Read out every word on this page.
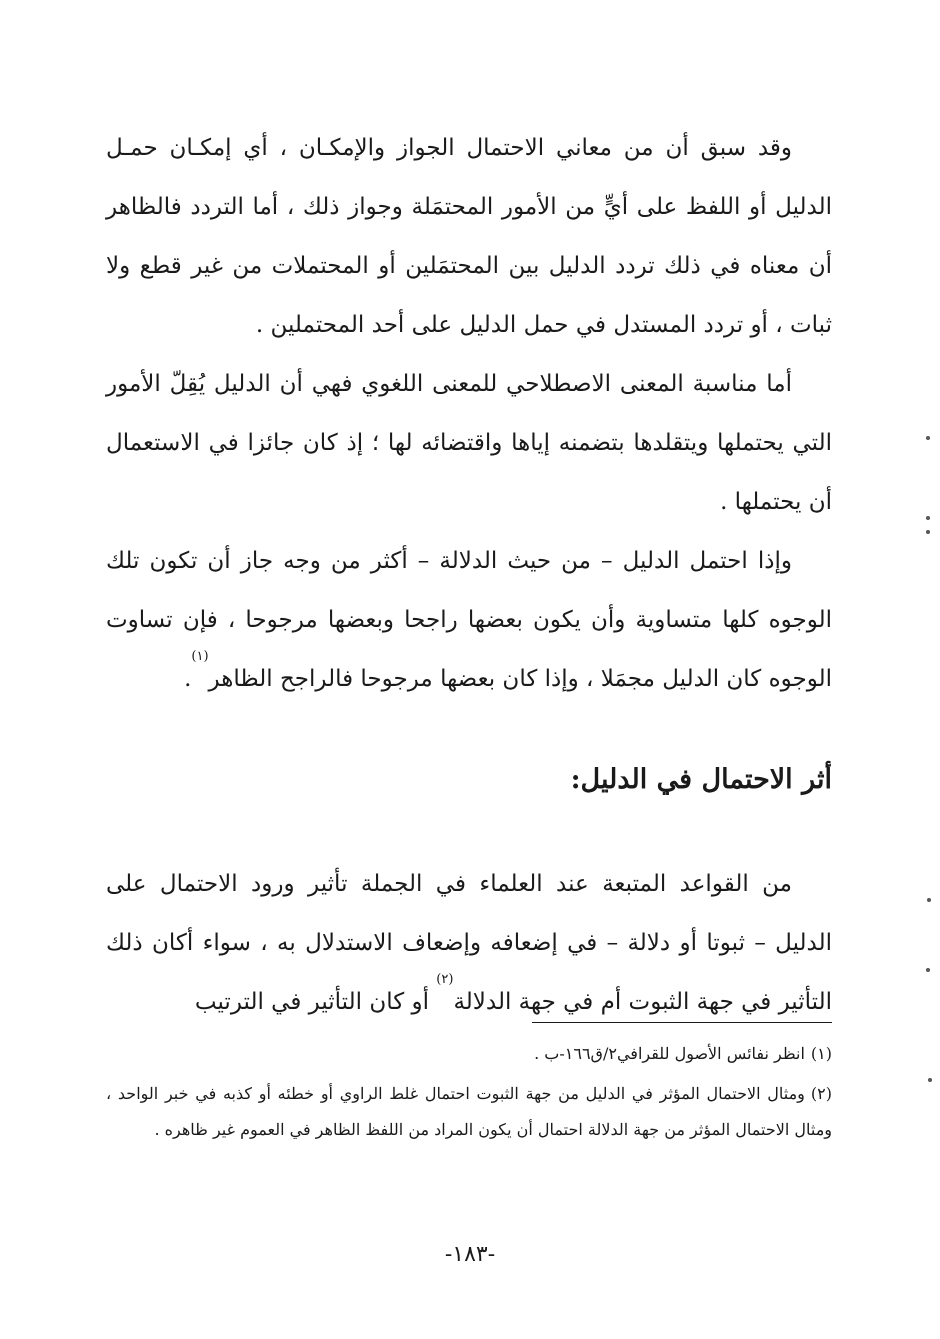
وقد سبق أن من معاني الاحتمال الجواز والإمكـان ، أي إمكـان حمـل الدليل أو اللفظ على أيٍّ من الأمور المحتمَلة وجواز ذلك ، أما التردد فالظاهر أن معناه في ذلك تردد الدليل بين المحتمَلين أو المحتملات من غير قطع ولا ثبات ، أو تردد المستدل في حمل الدليل على أحد المحتملين .

أما مناسبة المعنى الاصطلاحي للمعنى اللغوي فهي أن الدليل يُقِلّ الأمور التي يحتملها ويتقلدها بتضمنه إياها واقتضائه لها ؛ إذ كان جائزا في الاستعمال أن يحتملها .

وإذا احتمل الدليل – من حيث الدلالة – أكثر من وجه جاز أن تكون تلك الوجوه كلها متساوية وأن يكون بعضها راجحا وبعضها مرجوحا ، فإن تساوت الوجوه كان الدليل مجمَلا ، وإذا كان بعضها مرجوحا فالراجح الظاهر$^{(١)}$.

أثر الاحتمال في الدليل:

من القواعد المتبعة عند العلماء في الجملة تأثير ورود الاحتمال على الدليل – ثبوتا أو دلالة – في إضعافه وإضعاف الاستدلال به ، سواء أكان ذلك التأثير في جهة الثبوت أم في جهة الدلالة$^{(٢)}$ أو كان التأثير في الترتيب

(١)انظر نفائس الأصول للقرافي٢/ق١٦٦-ب .

(٢)ومثال الاحتمال المؤثر في الدليل من جهة الثبوت احتمال غلط الراوي أو خطئه أو كذبه في خبر الواحد ، ومثال الاحتمال المؤثر من جهة الدلالة احتمال أن يكون المراد من اللفظ الظاهر في العموم غير ظاهره .

-١٨٣-
